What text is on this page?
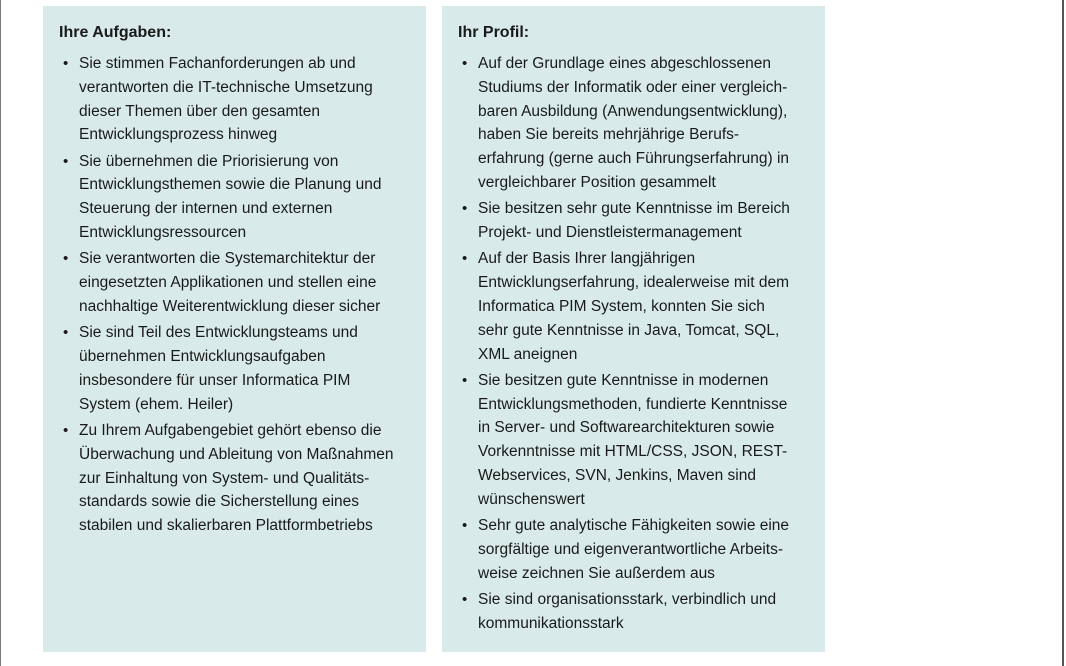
Ihre Aufgaben:
• Sie stimmen Fachanforderungen ab und
verantworten die IT-technische Umsetzung
dieser Themen über den gesamten
Entwicklungsprozess hinweg
• Sie übernehmen die Priorisierung von
Entwicklungsthemen sowie die Planung und
Steuerung der internen und externen
Entwicklungsressourcen
• Sie verantworten die Systemarchitektur der
eingesetzten Applikationen und stellen eine
nachhaltige Weiterentwicklung dieser sicher
• Sie sind Teil des Entwicklungsteams und
übernehmen Entwicklungsaufgaben
insbesondere für unser Informatica PIM
System (ehem. Heiler)
• Zu Ihrem Aufgabengebiet gehört ebenso die
Überwachung und Ableitung von Maßnahmen
zur Einhaltung von System- und Qualitäts-
standards sowie die Sicherstellung eines
stabilen und skalierbaren Plattformbetriebs
Ihr Profil:
• Auf der Grundlage eines abgeschlossenen
Studiums der Informatik oder einer vergleich-
baren Ausbildung (Anwendungsentwicklung),
haben Sie bereits mehrjährige Berufs-
erfahrung (gerne auch Führungserfahrung) in
vergleichbarer Position gesammelt
• Sie besitzen sehr gute Kenntnisse im Bereich
Projekt- und Dienstleistermanagement
• Auf der Basis Ihrer langjährigen
Entwicklungserfahrung, idealerweise mit dem
Informatica PIM System, konnten Sie sich
sehr gute Kenntnisse in Java, Tomcat, SQL,
XML aneignen
• Sie besitzen gute Kenntnisse in modernen
Entwicklungsmethoden, fundierte Kenntnisse
in Server- und Softwarearchitekturen sowie
Vorkenntnisse mit HTML/CSS, JSON, REST-
Webservices, SVN, Jenkins, Maven sind
wünschenswert
• Sehr gute analytische Fähigkeiten sowie eine
sorgfältige und eigenverantwortliche Arbeits-
weise zeichnen Sie außerdem aus
• Sie sind organisationsstark, verbindlich und
kommunikationsstark
